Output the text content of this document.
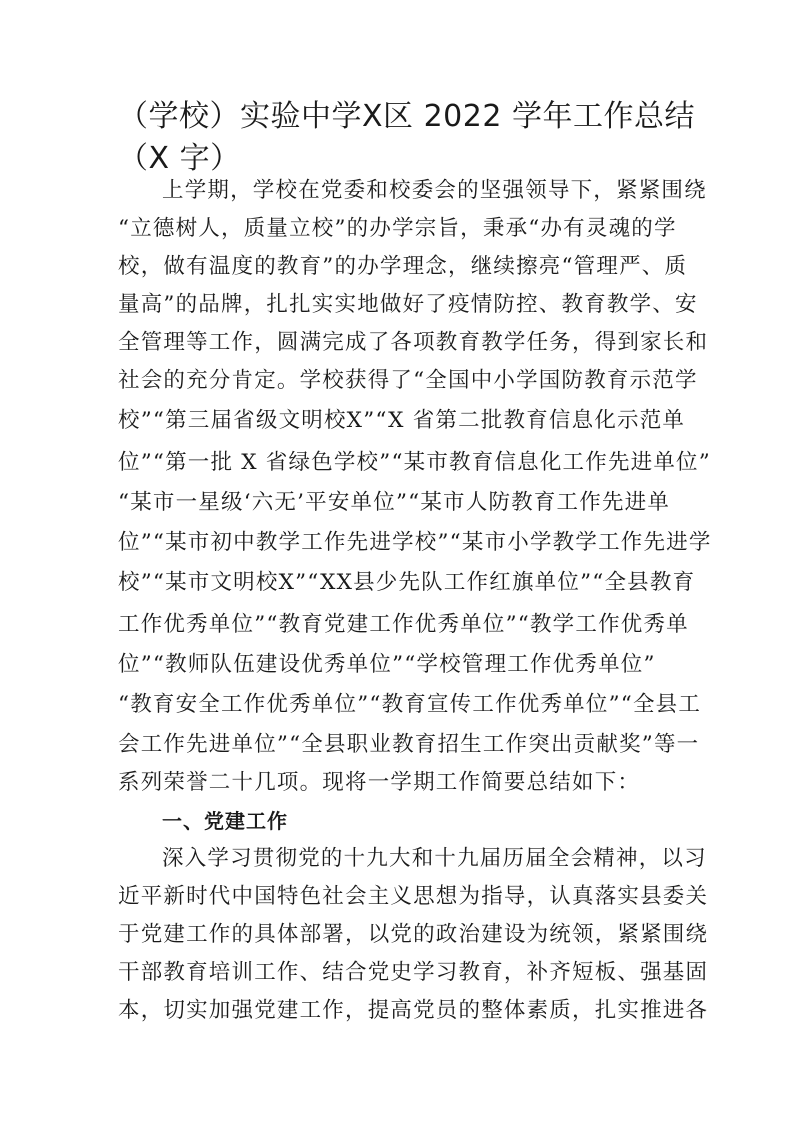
（学校）实验中学X区 2022 学年工作总结（X 字）
上学期，学校在党委和校委会的坚强领导下，紧紧围绕
“立德树人，质量立校”的办学宗旨，秉承“办有灵魂的学
校，做有温度的教育”的办学理念，继续擦亮“管理严、质
量高”的品牌，扎扎实实地做好了疫情防控、教育教学、安
全管理等工作，圆满完成了各项教育教学任务，得到家长和
社会的充分肯定。学校获得了“全国中小学国防教育示范学
校”“第三届省级文明校X”“X 省第二批教育信息化示范单
位”“第一批 X 省绿色学校”“某市教育信息化工作先进单位”
“某市一星级‘六无’平安单位”“某市人防教育工作先进单
位”“某市初中教学工作先进学校”“某市小学教学工作先进学
校”“某市文明校X”“XX县少先队工作红旗单位”“全县教育
工作优秀单位”“教育党建工作优秀单位”“教学工作优秀单
位”“教师队伍建设优秀单位”“学校管理工作优秀单位”
“教育安全工作优秀单位”“教育宣传工作优秀单位”“全县工
会工作先进单位”“全县职业教育招生工作突出贡献奖”等一
系列荣誉二十几项。现将一学期工作简要总结如下：
一、党建工作
深入学习贯彻党的十九大和十九届历届全会精神，以习
近平新时代中国特色社会主义思想为指导，认真落实县委关
于党建工作的具体部署，以党的政治建设为统领，紧紧围绕
干部教育培训工作、结合党史学习教育，补齐短板、强基固
本，切实加强党建工作，提高党员的整体素质，扎实推进各
